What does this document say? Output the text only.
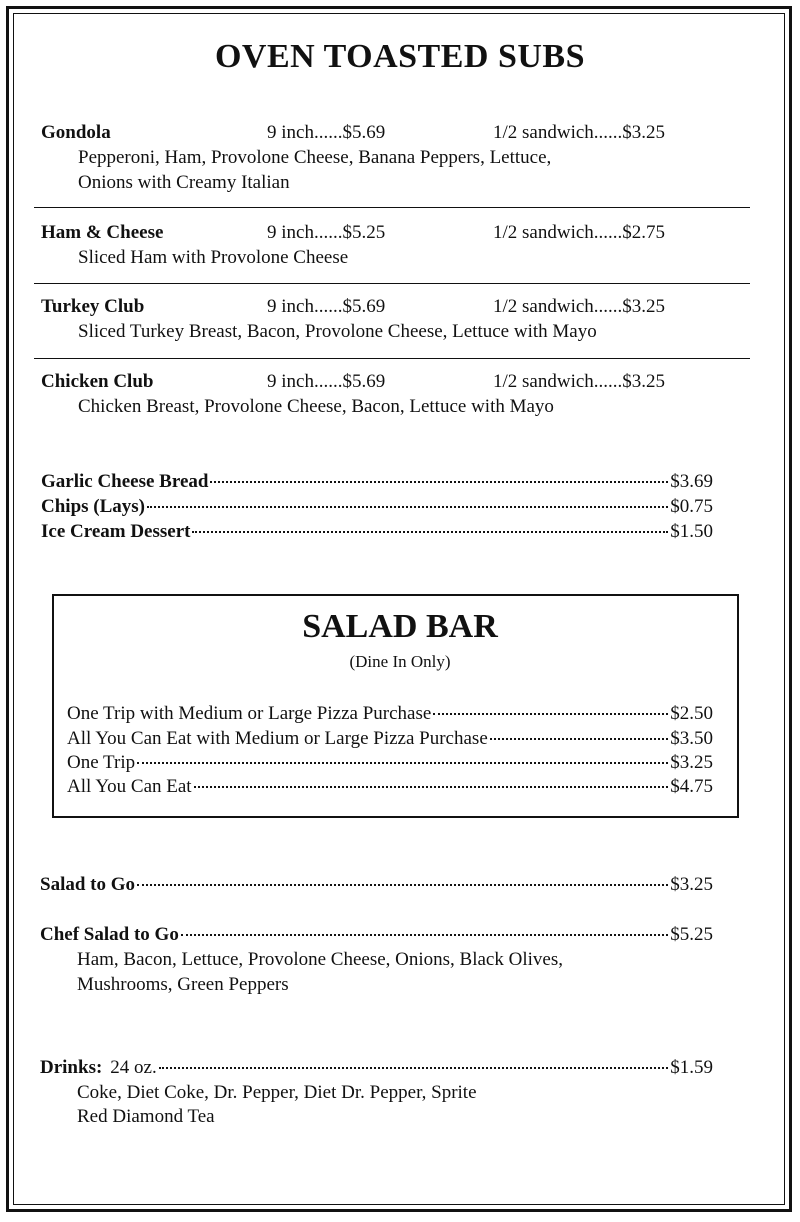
OVEN TOASTED SUBS
Gondola	9 inch......$5.69	1/2 sandwich......$3.25
Pepperoni, Ham, Provolone Cheese, Banana Peppers, Lettuce,
Onions with Creamy Italian
Ham & Cheese	9 inch......$5.25	1/2 sandwich......$2.75
Sliced Ham with Provolone Cheese
Turkey Club	9 inch......$5.69	1/2 sandwich......$3.25
Sliced Turkey Breast, Bacon, Provolone Cheese, Lettuce with Mayo
Chicken Club	9 inch......$5.69	1/2 sandwich......$3.25
Chicken Breast, Provolone Cheese, Bacon, Lettuce with Mayo
Garlic Cheese Bread	$3.69
Chips (Lays)	$0.75
Ice Cream Dessert	$1.50
SALAD BAR
(Dine In Only)
One Trip with Medium or Large Pizza Purchase	$2.50
All You Can Eat with Medium or Large Pizza Purchase	$3.50
One Trip	$3.25
All You Can Eat	$4.75
Salad to Go	$3.25
Chef Salad to Go	$5.25
Ham, Bacon, Lettuce, Provolone Cheese, Onions, Black Olives,
Mushrooms, Green Peppers
Drinks: 24 oz.	$1.59
Coke, Diet Coke, Dr. Pepper, Diet Dr. Pepper, Sprite
Red Diamond Tea
